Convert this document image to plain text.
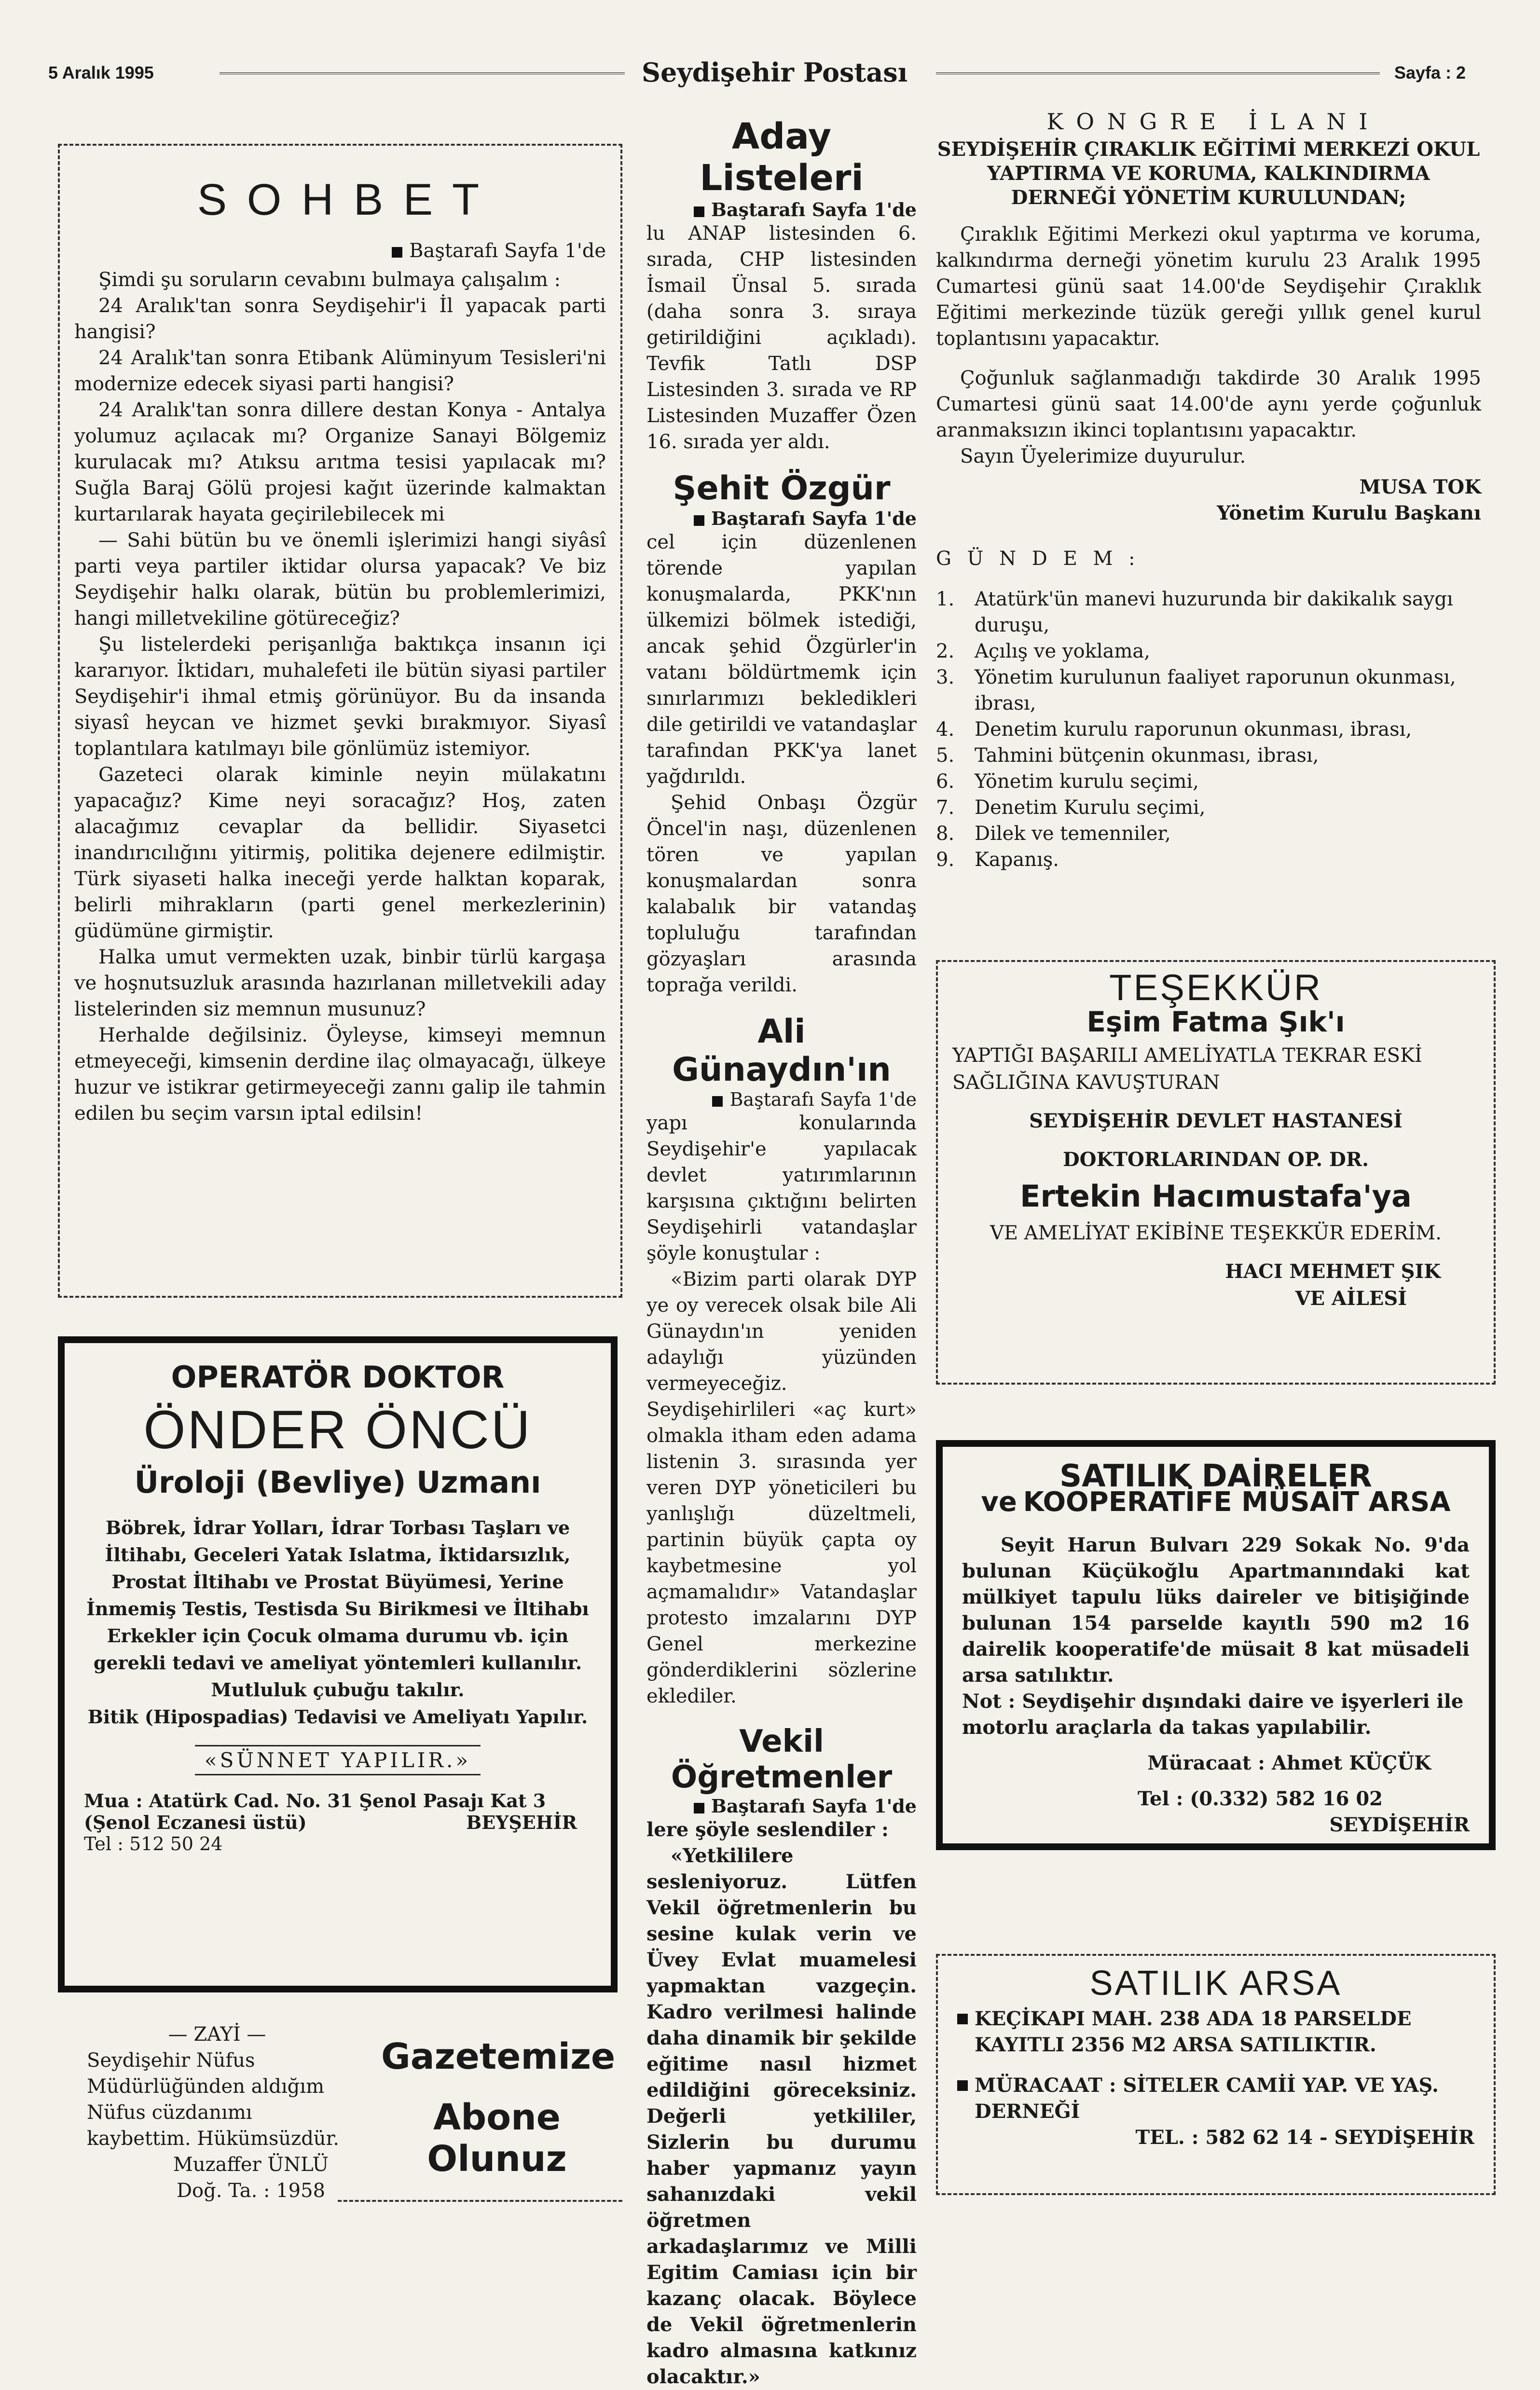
5 Aralık 1995	Seydişehir Postası	Sayfa : 2
S O H B E T
Baştarafı Sayfa 1'de

Şimdi şu soruların cevabını bulmaya çalışalım :

24 Aralık'tan sonra Seydişehir'i İl yapacak parti hangisi?

24 Aralık'tan sonra Etibank Alüminyum Tesisleri'ni modernize edecek siyasi parti hangisi?

24 Aralık'tan sonra dillere destan Konya - Antalya yolumuz açılacak mı? Organize Sanayi Bölgemiz kurulacak mı? Atıksu arıtma tesisi yapılacak mı? Suğla Baraj Gölü projesi kağıt üzerinde kalmaktan kurtarılarak hayata geçirilebilecek mi

— Sahi bütün bu ve önemli işlerimizi hangi siyâsî parti veya partiler iktidar olursa yapacak? Ve biz Seydişehir halkı olarak, bütün bu problemlerimizi, hangi milletvekiline götüreceğiz?

Şu listelerdeki perişanlığa baktıkça insanın içi kararıyor. İktidarı, muhalefeti ile bütün siyasi partiler Seydişehir'i ihmal etmiş görünüyor. Bu da insanda siyasî heycan ve hizmet şevki bırakmıyor. Siyasî toplantılara katılmayı bile gönlümüz istemiyor.

Gazeteci olarak kiminle neyin mülakatını yapacağız? Kime neyi soracağız? Hoş, zaten alacağımız cevaplar da bellidir. Siyasetci inandırıcılığını yitirmiş, politika dejenere edilmiştir. Türk siyaseti halka ineceği yerde halktan koparak, belirli mihrakların (parti genel merkezlerinin) güdümüne girmiştir.

Halka umut vermekten uzak, binbir türlü kargaşa ve hoşnutsuzluk arasında hazırlanan milletvekili aday listelerinden siz memnun musunuz?

Herhalde değilsiniz. Öyleyse, kimseyi memnun etmeyeceği, kimsenin derdine ilaç olmayacağı, ülkeye huzur ve istikrar getirmeyeceği zannı galip ile tahmin edilen bu seçim varsın iptal edilsin!

OPERATÖR DOKTOR
ÖNDER ÖNCÜ
Üroloji (Bevliye) Uzmanı
Böbrek, İdrar Yolları, İdrar Torbası Taşları ve İltihabı, Geceleri Yatak Islatma, İktidarsızlık, Prostat İltihabı ve Prostat Büyümesi, Yerine İnmemiş Testis, Testisda Su Birikmesi ve İltihabı Erkekler için Çocuk olmama durumu vb. için gerekli tedavi ve ameliyat yöntemleri kullanılır.
Mutluluk çubuğu takılır.
Bitik (Hipospadias) Tedavisi ve Ameliyatı Yapılır.
«SÜNNET YAPILIR.»
Mua : Atatürk Cad. No. 31 Şenol Pasajı Kat 3
(Şenol Eczanesi üstü)	BEYŞEHİR
Tel : 512 50 24
— ZAYİ —
Seydişehir Nüfus Müdürlüğünden aldığım Nüfus cüzdanımı kaybettim. Hükümsüzdür.
Muzaffer ÜNLÜ
Doğ. Ta. : 1958
Gazetemize
Abone Olunuz
Aday Listeleri
Baştarafı Sayfa 1'de

lu ANAP listesinden 6. sırada, CHP listesinden İsmail Ünsal 5. sırada (daha sonra 3. sıraya getirildiğini açıkladı). Tevfik Tatlı DSP Listesinden 3. sırada ve RP Listesinden Muzaffer Özen 16. sırada yer aldı.

Şehit Özgür
Baştarafı Sayfa 1'de

cel için düzenlenen törende yapılan konuşmalarda, PKK'nın ülkemizi bölmek istediği, ancak şehid Özgürler'in vatanı böldürtmemk için sınırlarımızı bekledikleri dile getirildi ve vatandaşlar tarafından PKK'ya lanet yağdırıldı.

Şehid Onbaşı Özgür Öncel'in naşı, düzenlenen tören ve yapılan konuşmalardan sonra kalabalık bir vatandaş topluluğu tarafından gözyaşları arasında toprağa verildi.

Ali Günaydın'ın
Baştarafı Sayfa 1'de

yapı konularında Seydişehir'e yapılacak devlet yatırımlarının karşısına çıktığını belirten Seydişehirli vatandaşlar şöyle konuştular :

«Bizim parti olarak DYP ye oy verecek olsak bile Ali Günaydın'ın yeniden adaylığı yüzünden vermeyeceğiz. Seydişehirlileri «aç kurt» olmakla itham eden adama listenin 3. sırasında yer veren DYP yöneticileri bu yanlışlığı düzeltmeli, partinin büyük çapta oy kaybetmesine yol açmamalıdır» Vatandaşlar protesto imzalarını DYP Genel merkezine gönderdiklerini sözlerine eklediler.

Vekil Öğretmenler
Baştarafı Sayfa 1'de

lere şöyle seslendiler :

«Yetkililere sesleniyoruz. Lütfen Vekil öğretmenlerin bu sesine kulak verin ve Üvey Evlat muamelesi yapmaktan vazgeçin. Kadro verilmesi halinde daha dinamik bir şekilde eğitime nasıl hizmet edildiğini göreceksiniz. Değerli yetkililer, Sizlerin bu durumu haber yapmanız yayın sahanızdaki vekil öğretmen arkadaşlarımız ve Milli Egitim Camiası için bir kazanç olacak. Böylece de Vekil öğretmenlerin kadro almasına katkınız olacaktır.»

K O N G R E   İ L A N I
SEYDİŞEHİR ÇIRAKLIK EĞİTİMİ MERKEZİ OKUL YAPTIRMA VE KORUMA, KALKINDIRMA DERNEĞİ YÖNETİM KURULUNDAN;

Çıraklık Eğitimi Merkezi okul yaptırma ve koruma, kalkındırma derneği yönetim kurulu 23 Aralık 1995 Cumartesi günü saat 14.00'de Seydişehir Çıraklık Eğitimi merkezinde tüzük gereği yıllık genel kurul toplantısını yapacaktır.

Çoğunluk sağlanmadığı takdirde 30 Aralık 1995 Cumartesi günü saat 14.00'de aynı yerde çoğunluk aranmaksızın ikinci toplantısını yapacaktır.

Sayın Üyelerimize duyurulur.

MUSA TOK
Yönetim Kurulu Başkanı
G Ü N D E M :
1. Atatürk'ün manevi huzurunda bir dakikalık saygı duruşu,
2. Açılış ve yoklama,
3. Yönetim kurulunun faaliyet raporunun okunması, ibrası,
4. Denetim kurulu raporunun okunması, ibrası,
5. Tahmini bütçenin okunması, ibrası,
6. Yönetim kurulu seçimi,
7. Denetim Kurulu seçimi,
8. Dilek ve temenniler,
9. Kapanış.
TEŞEKKÜR
Eşim Fatma Şık'ı
YAPTIĞI BAŞARILI AMELİYATLA TEKRAR ESKİ SAĞLIĞINA KAVUŞTURAN
SEYDİŞEHİR DEVLET HASTANESİ
DOKTORLARINDAN OP. DR.
Ertekin Hacımustafa'ya
VE AMELİYAT EKİBİNE TEŞEKKÜR EDERİM.
HACI MEHMET ŞIK
VE AİLESİ
SATILIK DAİRELER
ve KOOPERATİFE MÜSAİT ARSA
Seyit Harun Bulvarı 229 Sokak No. 9'da bulunan Küçükoğlu Apartmanındaki kat mülkiyet tapulu lüks daireler ve bitişiğinde bulunan 154 parselde kayıtlı 590 m2 16 dairelik kooperatife'de müsait 8 kat müsadeli arsa satılıktır.
Not : Seydişehir dışındaki daire ve işyerleri ile motorlu araçlarla da takas yapılabilir.
Müracaat : Ahmet KÜÇÜK
Tel : (0.332) 582 16 02
SEYDİŞEHİR
SATILIK ARSA
KEÇİKAPI MAH. 238 ADA 18 PARSELDE KAYITLI 2356 M2 ARSA SATILIKTIR.
MÜRACAAT : SİTELER CAMİİ YAP. VE YAŞ. DERNEĞİ
TEL. : 582 62 14 - SEYDİŞEHİR
